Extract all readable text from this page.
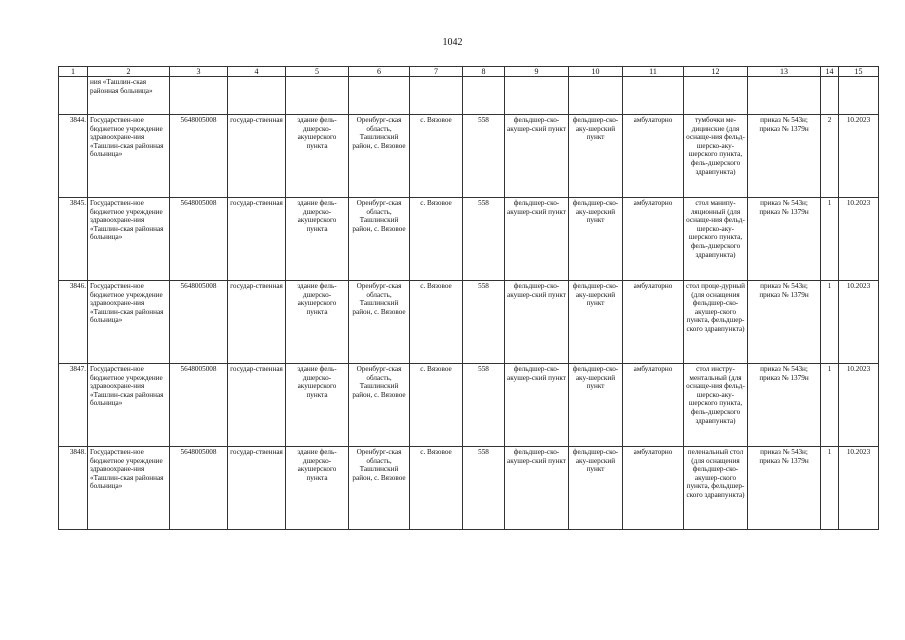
1042
1	2	3	4	5	6	7	8	9	10	11	12	13	14	15
	ния «Ташлин-ская районная больница»													
3844.	Государствен-ное бюджетное учреждение здравоохране-ния «Ташлин-ская районная больница»	5648005008	государ-ственная	здание фель-дшерско-акушерского пункта	Оренбург-ская область, Ташлинский район, с. Вязовое	с. Вязовое	558	фельдшер-ско-акушер-ский пункт	фельдшер-ско-аку-шерский пункт	амбулаторно	тумбочки ме-дицинские (для оснаще-ния фельд-шерско-аку-шерского пункта, фель-дшерского здравпункта)	приказ № 543н; приказ № 1379н	2	10.2023
3845.	Государствен-ное бюджетное учреждение здравоохране-ния «Ташлин-ская районная больница»	5648005008	государ-ственная	здание фель-дшерско-акушерского пункта	Оренбург-ская область, Ташлинский район, с. Вязовое	с. Вязовое	558	фельдшер-ско-акушер-ский пункт	фельдшер-ско-аку-шерский пункт	амбулаторно	стол манипу-ляционный (для оснаще-ния фельд-шерско-аку-шерского пункта, фель-дшерского здравпункта)	приказ № 543н; приказ № 1379н	1	10.2023
3846.	Государствен-ное бюджетное учреждение здравоохране-ния «Ташлин-ская районная больница»	5648005008	государ-ственная	здание фель-дшерско-акушерского пункта	Оренбург-ская область, Ташлинский район, с. Вязовое	с. Вязовое	558	фельдшер-ско-акушер-ский пункт	фельдшер-ско-аку-шерский пункт	амбулаторно	стол проце-дурный (для оснащения фельдшер-ско-акушер-ского пункта, фельдшер-ского здравпункта)	приказ № 543н; приказ № 1379н	1	10.2023
3847.	Государствен-ное бюджетное учреждение здравоохране-ния «Ташлин-ская районная больница»	5648005008	государ-ственная	здание фель-дшерско-акушерского пункта	Оренбург-ская область, Ташлинский район, с. Вязовое	с. Вязовое	558	фельдшер-ско-акушер-ский пункт	фельдшер-ско-аку-шерский пункт	амбулаторно	стол инстру-ментальный (для оснаще-ния фельд-шерско-аку-шерского пункта, фель-дшерского здравпункта)	приказ № 543н; приказ № 1379н	1	10.2023
3848.	Государствен-ное бюджетное учреждение здравоохране-ния «Ташлин-ская районная больница»	5648005008	государ-ственная	здание фель-дшерско-акушерского пункта	Оренбург-ская область, Ташлинский район, с. Вязовое	с. Вязовое	558	фельдшер-ско-акушер-ский пункт	фельдшер-ско-аку-шерский пункт	амбулаторно	пеленальный стол (для оснащения фельдшер-ско-акушер-ского пункта, фельдшер-ского здравпункта)	приказ № 543н; приказ № 1379н	1	10.2023
